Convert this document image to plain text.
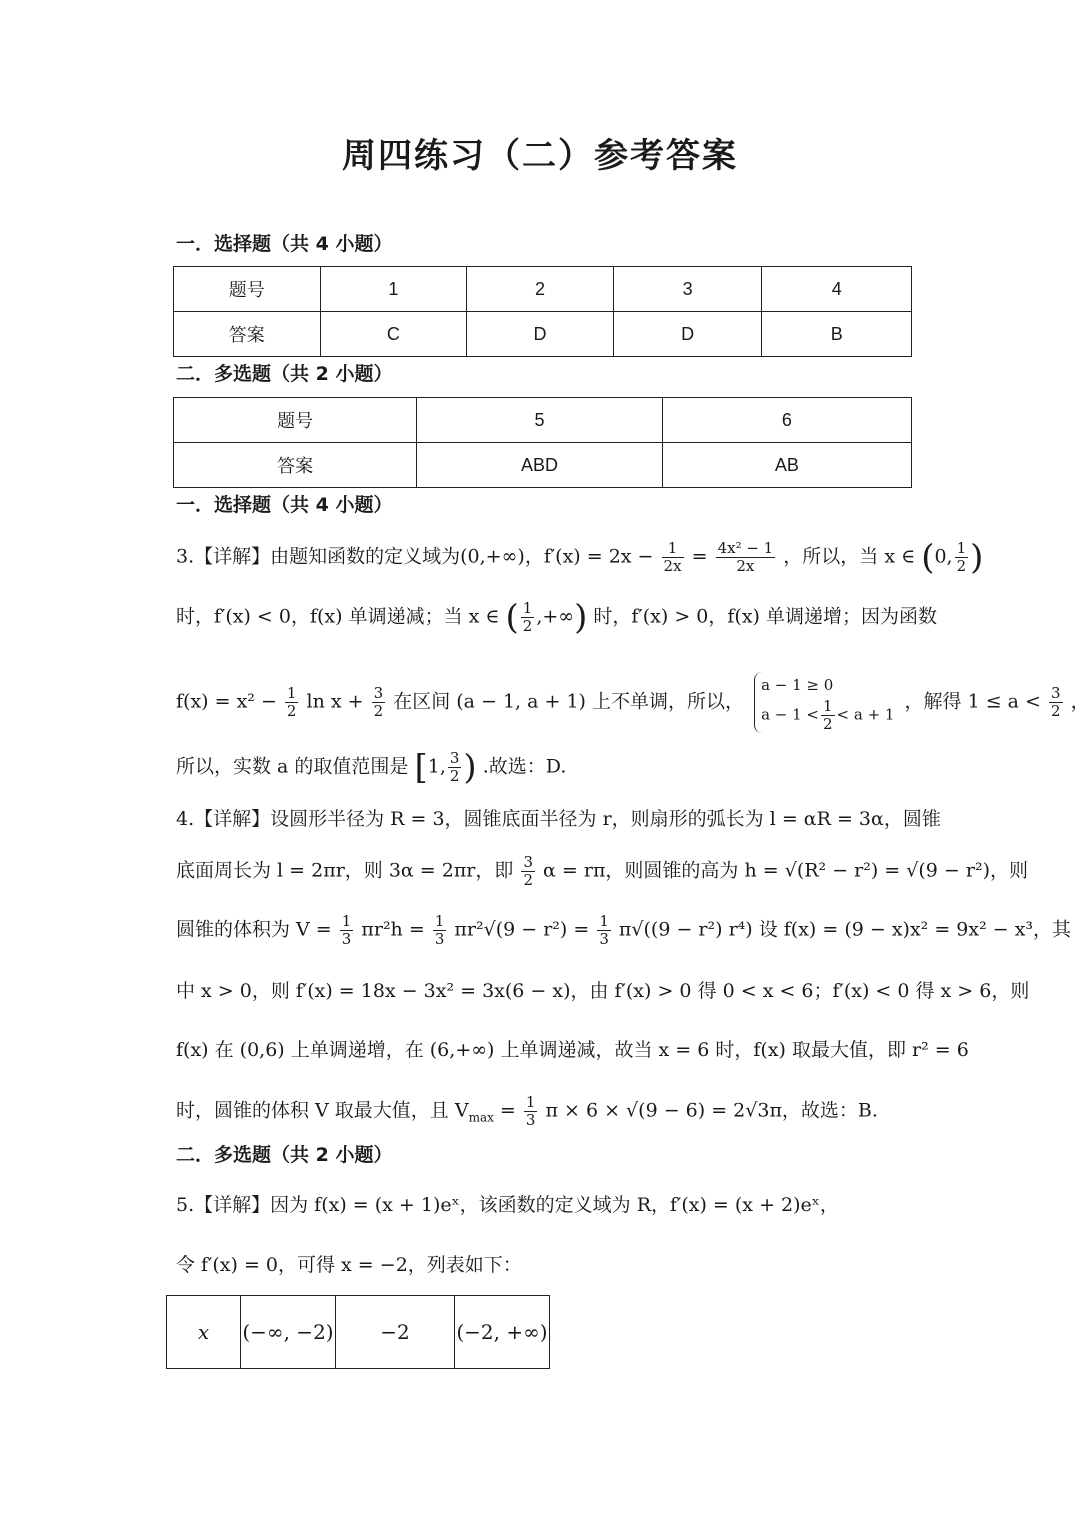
周四练习（二）参考答案
一．选择题（共 4 小题）
题号	1	2	3	4
答案	C	D	D	B
二．多选题（共 2 小题）
题号	5	6
答案	ABD	AB
一．选择题（共 4 小题）
3.【详解】由题知函数的定义域为(0,+∞)，$f'(x) = 2x - \frac{1}{2x} = \frac{\text{4x² − 1}}{2x}$ ，所以，当 x ∈ (0, $\frac{1}{2}$ )
时，f′(x) < 0，f(x) 单调递减；当 x ∈ ( $\frac{1}{2}$ ,+∞) 时，f′(x) > 0，f(x) 单调递增；因为函数
$f(x) = x^2 - \frac{1}{2}$ $\ln x + \frac{3}{2}$ 在区间 (a − 1, a + 1) 上不单调，所以，
a − 1 ≥ 0
$a - 1 < \frac{1}{2} < a + 1$
，解得 $1 \le a < \frac{3}{2}$ ，
所以，实数 a 的取值范围是 [1, $\frac{3}{2}$ ) .故选：D.
4.【详解】设圆形半径为 R = 3，圆锥底面半径为 r，则扇形的弧长为 l = αR = 3α，圆锥
底面周长为 l = 2πr，则 3α = 2πr，即 $\frac{3}{2}$ α = rπ，则圆锥的高为 h = √(R² − r²) = √(9 − r²)，则
圆锥的体积为 $V = \frac{1}{3} \pi r^2h = \frac{1}{3} \pi r^2√(9 - r^2) = \frac{1}{3} \pi√((9 - r^2)$ r⁴) 设 f(x) = (9 − x)x² = 9x² − x³，其
中 x > 0，则 f′(x) = 18x − 3x² = 3x(6 − x)，由 f′(x) > 0 得 0 < x < 6；f′(x) < 0 得 x > 6，则
f(x) 在 (0,6) 上单调递增，在 (6,+∞) 上单调递减，故当 x = 6 时，f(x) 取最大值，即 r² = 6
时，圆锥的体积 V 取最大值，且 $V_{max} = \frac{1}{3}$ π × 6 × √(9 − 6) = 2√3π，故选：B.
二．多选题（共 2 小题）
5.【详解】因为 f(x) = (x + 1)eˣ，该函数的定义域为 R，f′(x) = (x + 2)eˣ，
令 f′(x) = 0，可得 x = −2，列表如下：
x	(−∞, −2)	−2	(−2, +∞)
